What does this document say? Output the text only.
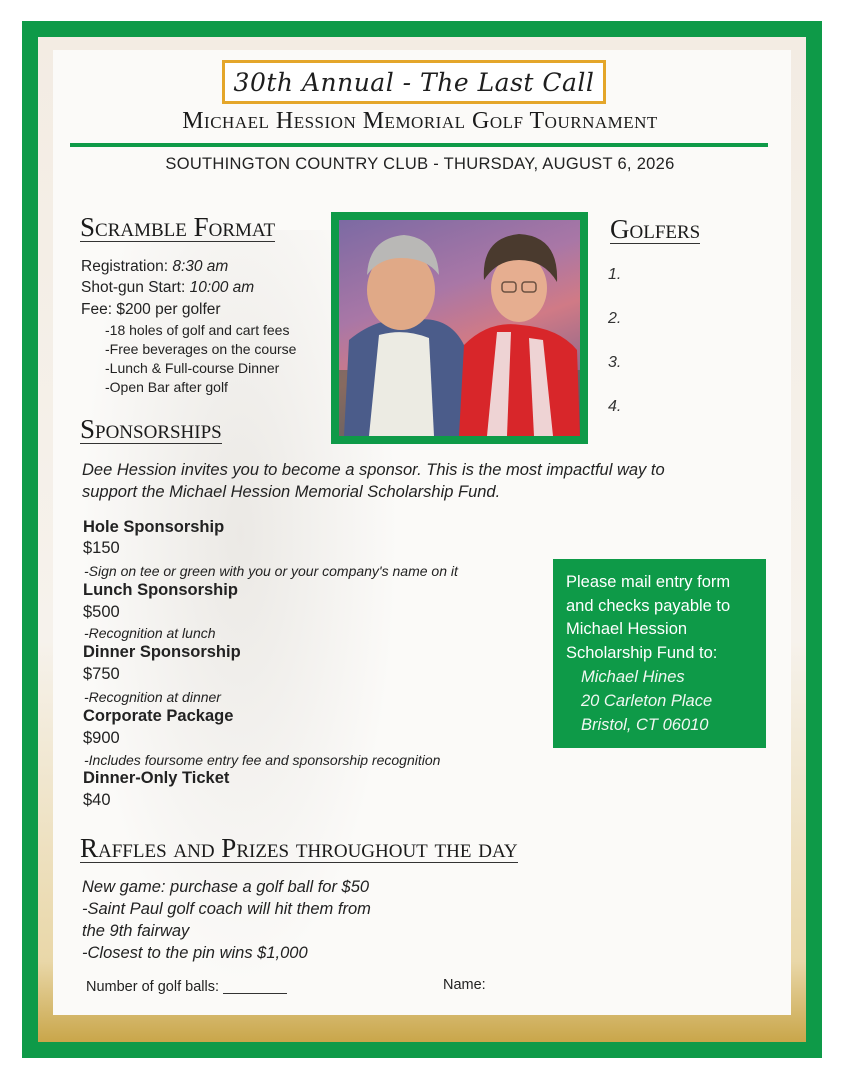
30th Annual - The Last Call
Michael Hession Memorial Golf Tournament
SOUTHINGTON COUNTRY CLUB - THURSDAY, AUGUST 6, 2026
Scramble Format
Registration: 8:30 am
Shot-gun Start: 10:00 am
Fee: $200 per golfer
-18 holes of golf and cart fees
-Free beverages on the course
-Lunch & Full-course Dinner
-Open Bar after golf
Golfers
1.
2.
3.
4.
Sponsorships
Dee Hession invites you to become a sponsor. This is the most impactful way to support the Michael Hession Memorial Scholarship Fund.
Hole Sponsorship
$150
-Sign on tee or green with you or your company's name on it
Lunch Sponsorship
$500
-Recognition at lunch
Dinner Sponsorship
$750
-Recognition at dinner
Corporate Package
$900
-Includes foursome entry fee and sponsorship recognition
Dinner-Only Ticket
$40
Please mail entry form
and checks payable to
Michael Hession
Scholarship Fund to:
Michael Hines
20 Carleton Place
Bristol, CT 06010
Raffles and Prizes throughout the day
New game: purchase a golf ball for $50
-Saint Paul golf coach will hit them from
the 9th fairway
-Closest to the pin wins $1,000
Number of golf balls:	Name:
